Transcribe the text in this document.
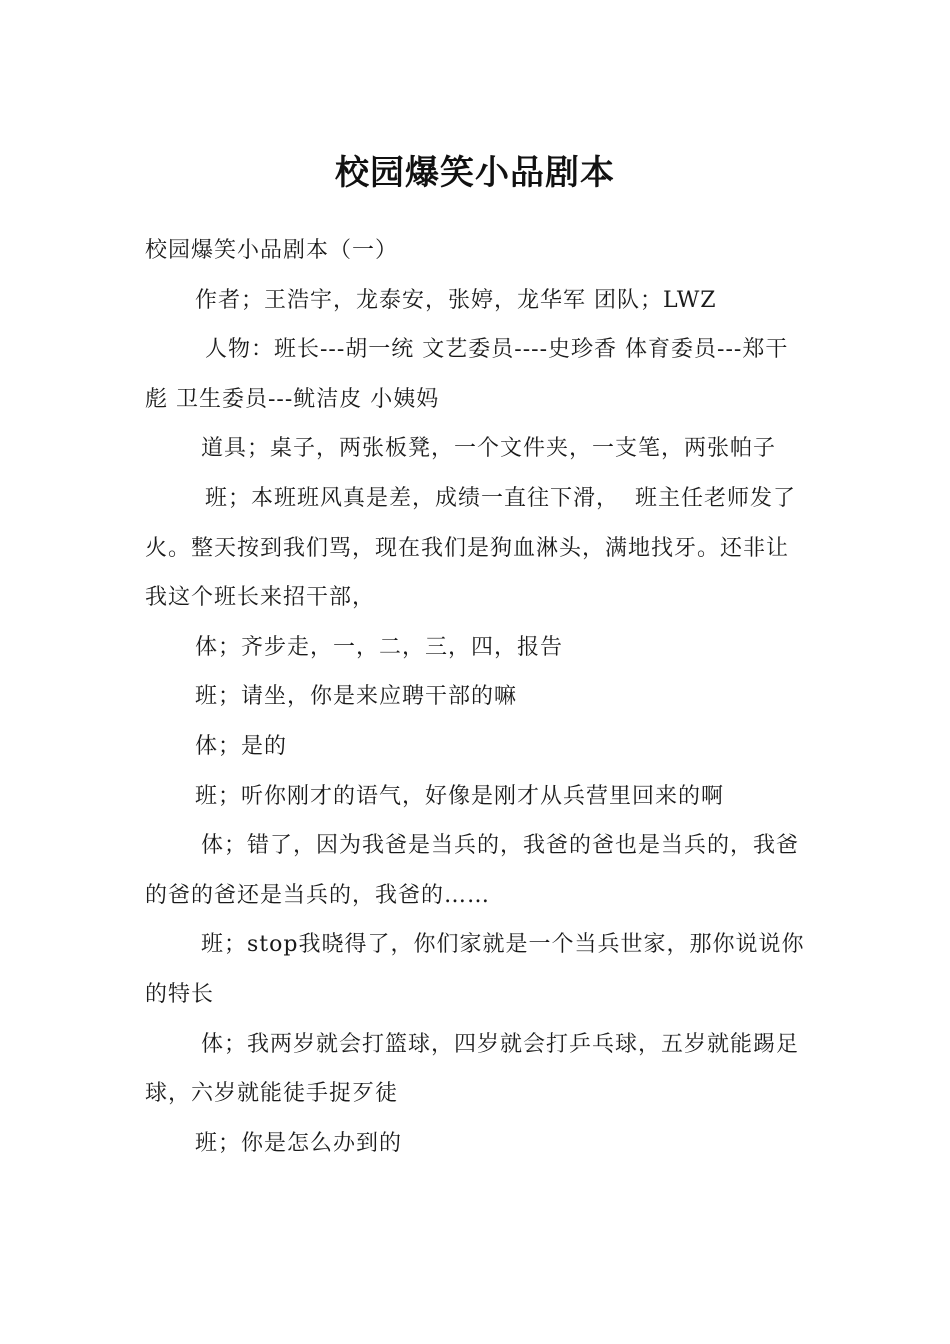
校园爆笑小品剧本

校园爆笑小品剧本（一）

作者；王浩宇，龙泰安，张婷，龙华军 团队；LWZ

人物：班长---胡一统 文艺委员----史珍香 体育委员---郑干彪 卫生委员---鱿洁皮 小姨妈

道具；桌子，两张板凳，一个文件夹，一支笔，两张帕子

班；本班班风真是差，成绩一直往下滑，  班主任老师发了火。整天按到我们骂，现在我们是狗血淋头，满地找牙。还非让我这个班长来招干部，

体；齐步走，一，二，三，四，报告

班；请坐，你是来应聘干部的嘛

体；是的

班；听你刚才的语气，好像是刚才从兵营里回来的啊

体；错了，因为我爸是当兵的，我爸的爸也是当兵的，我爸的爸的爸还是当兵的，我爸的……

班；stop我晓得了，你们家就是一个当兵世家，那你说说你的特长

体；我两岁就会打篮球，四岁就会打乒乓球，五岁就能踢足球，六岁就能徒手捉歹徒

班；你是怎么办到的
